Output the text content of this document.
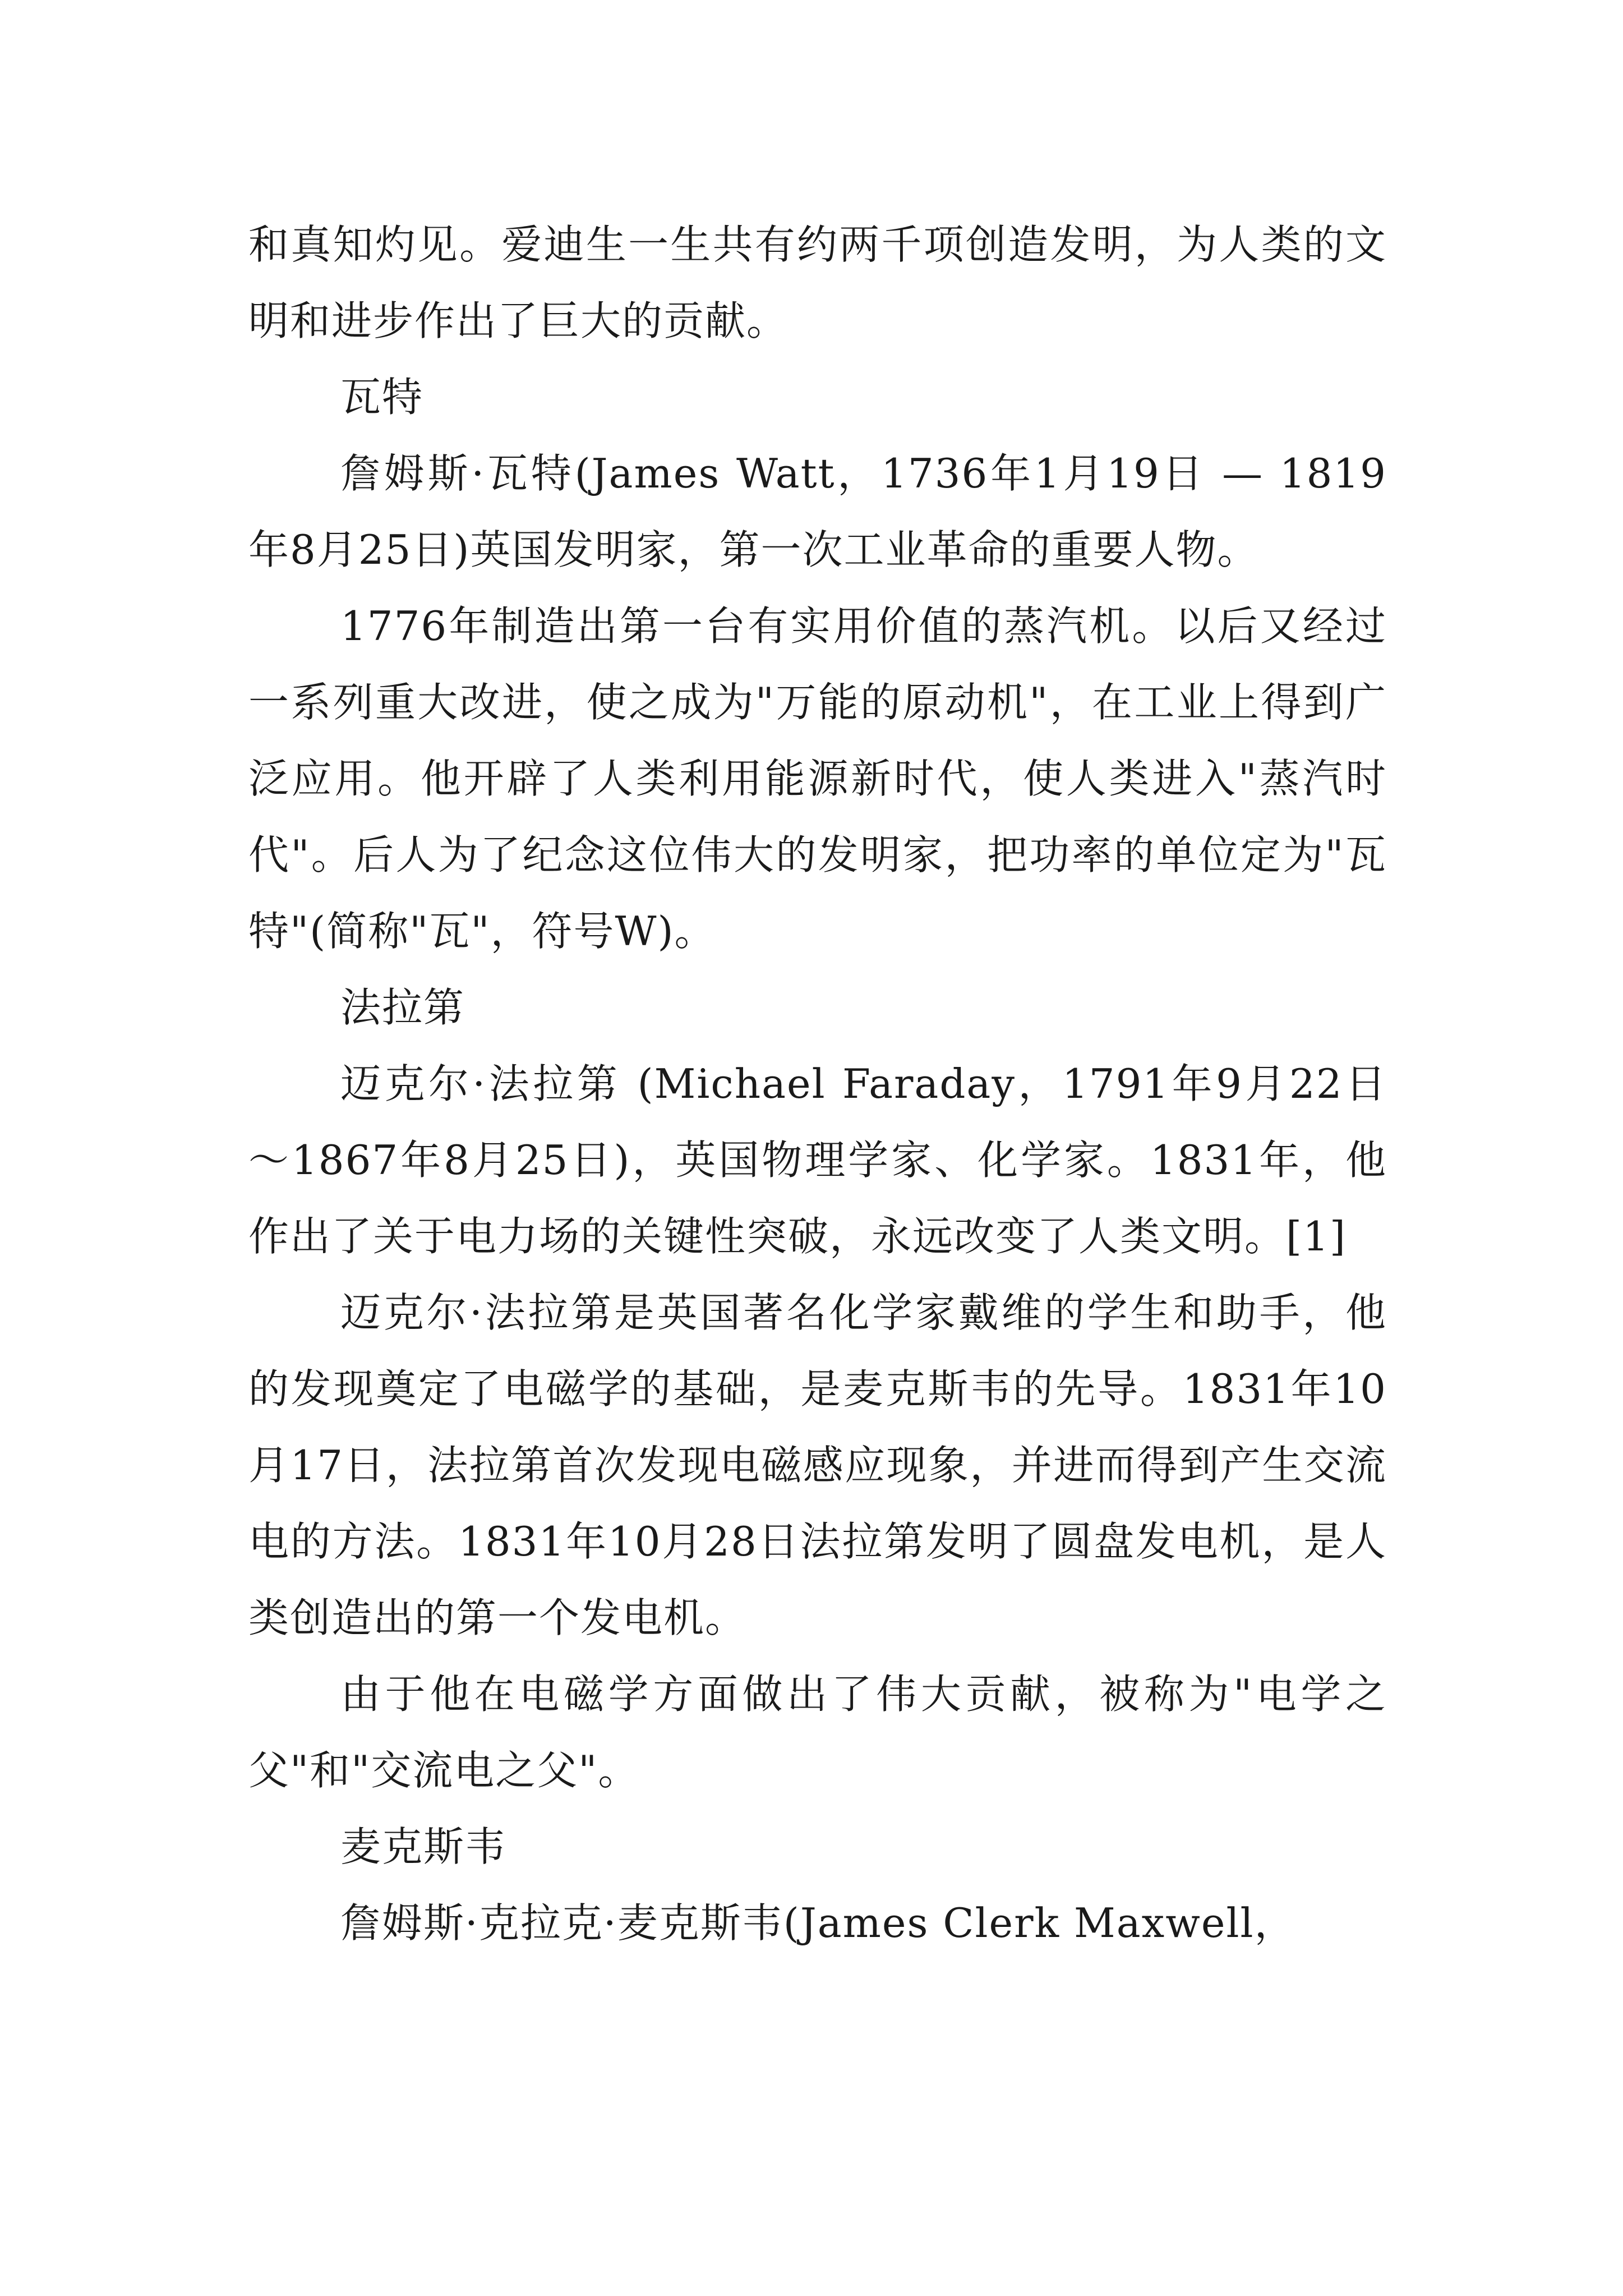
和真知灼见。爱迪生一生共有约两千项创造发明，为人类的文明和进步作出了巨大的贡献。

瓦特

詹姆斯·瓦特(James Watt，1736年1月19日 — 1819年8月25日)英国发明家，第一次工业革命的重要人物。

1776年制造出第一台有实用价值的蒸汽机。以后又经过一系列重大改进，使之成为"万能的原动机"，在工业上得到广泛应用。他开辟了人类利用能源新时代，使人类进入"蒸汽时代"。后人为了纪念这位伟大的发明家，把功率的单位定为"瓦特"(简称"瓦"，符号W)。

法拉第

迈克尔·法拉第 (Michael Faraday，1791年9月22日～1867年8月25日)，英国物理学家、化学家。1831年，他作出了关于电力场的关键性突破，永远改变了人类文明。[1]

迈克尔·法拉第是英国著名化学家戴维的学生和助手，他的发现奠定了电磁学的基础，是麦克斯韦的先导。1831年10月17日，法拉第首次发现电磁感应现象，并进而得到产生交流电的方法。1831年10月28日法拉第发明了圆盘发电机，是人类创造出的第一个发电机。

由于他在电磁学方面做出了伟大贡献，被称为"电学之父"和"交流电之父"。

麦克斯韦

詹姆斯·克拉克·麦克斯韦(James Clerk Maxwell，
